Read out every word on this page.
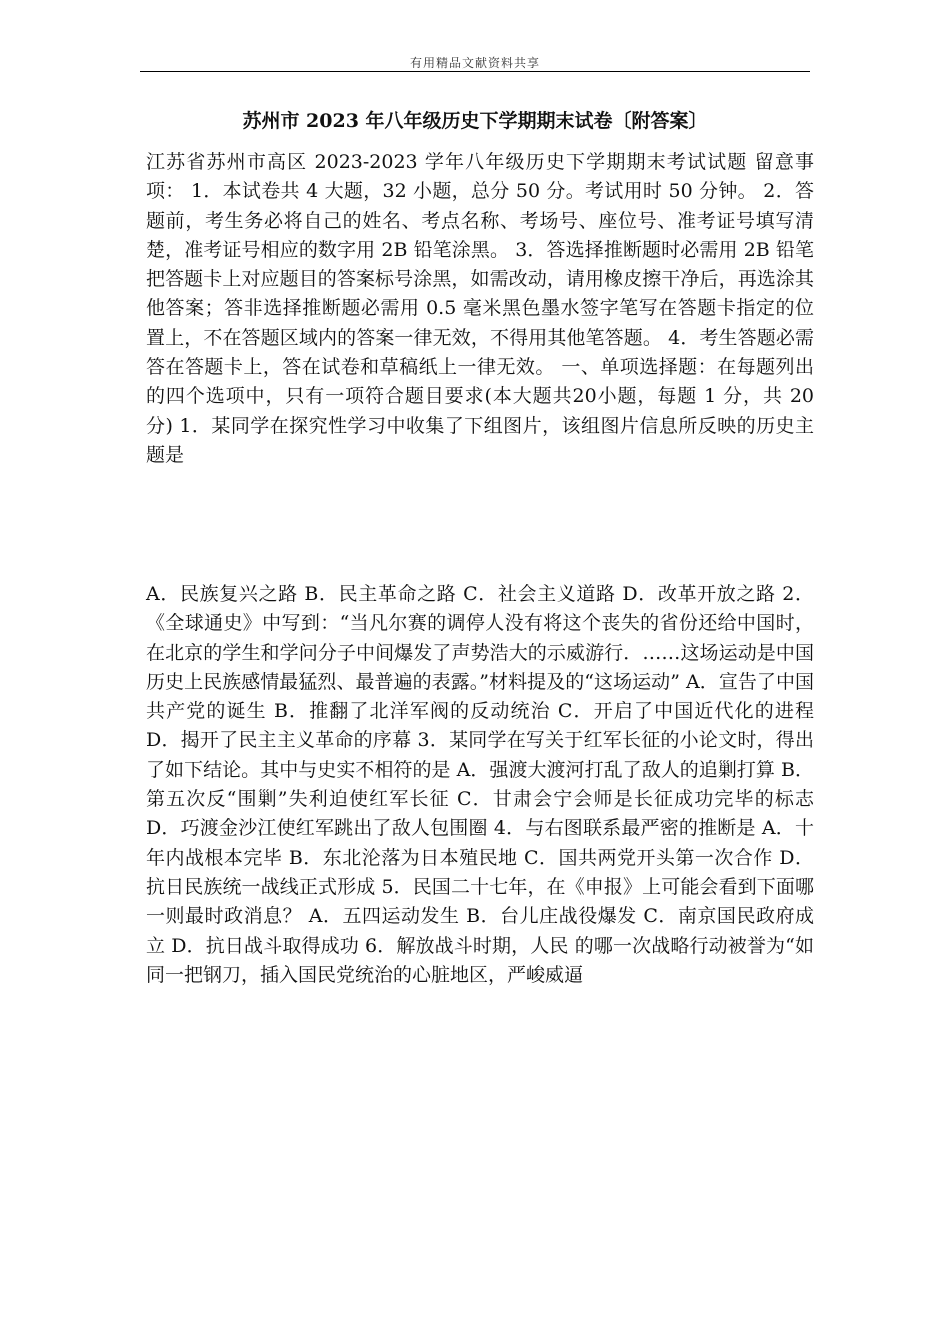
有用精品文献资料共享
苏州市 2023 年八年级历史下学期期末试卷〔附答案〕

江苏省苏州市高区 2023-2023 学年八年级历史下学期期末考试试题 留意事项： 1．本试卷共 4 大题，32 小题，总分 50 分。考试用时 50 分钟。 2．答题前，考生务必将自己的姓名、考点名称、考场号、座位号、准考证号填写清楚，准考证号相应的数字用 2B 铅笔涂黑。 3．答选择推断题时必需用 2B 铅笔把答题卡上对应题目的答案标号涂黑，如需改动，请用橡皮擦干净后，再选涂其他答案；答非选择推断题必需用 0.5 毫米黑色墨水签字笔写在答题卡指定的位置上，不在答题区域内的答案一律无效，不得用其他笔答题。 4．考生答题必需答在答题卡上，答在试卷和草稿纸上一律无效。 一、单项选择题：在每题列出的四个选项中，只有一项符合题目要求(本大题共20小题，每题 1 分，共 20 分) 1．某同学在探究性学习中收集了下组图片，该组图片信息所反映的历史主题是

A．民族复兴之路 B．民主革命之路 C．社会主义道路 D．改革开放之路 2．《全球通史》中写到：“当凡尔赛的调停人没有将这个丧失的省份还给中国时，在北京的学生和学问分子中间爆发了声势浩大的示威游行．……这场运动是中国历史上民族感情最猛烈、最普遍的表露。”材料提及的“这场运动” A．宣告了中国共产党的诞生 B．推翻了北洋军阀的反动统治 C．开启了中国近代化的进程 D．揭开了民主主义革命的序幕 3．某同学在写关于红军长征的小论文时，得出了如下结论。其中与史实不相符的是 A．强渡大渡河打乱了敌人的追剿打算 B．第五次反“围剿”失利迫使红军长征 C．甘肃会宁会师是长征成功完毕的标志 D．巧渡金沙江使红军跳出了敌人包围圈 4．与右图联系最严密的推断是 A．十年内战根本完毕 B．东北沦落为日本殖民地 C．国共两党开头第一次合作 D．抗日民族统一战线正式形成 5．民国二十七年，在《申报》上可能会看到下面哪一则最时政消息？ A．五四运动发生 B．台儿庄战役爆发 C．南京国民政府成立 D．抗日战斗取得成功 6．解放战斗时期，人民 的哪一次战略行动被誉为“如同一把钢刀，插入国民党统治的心脏地区，严峻威逼
